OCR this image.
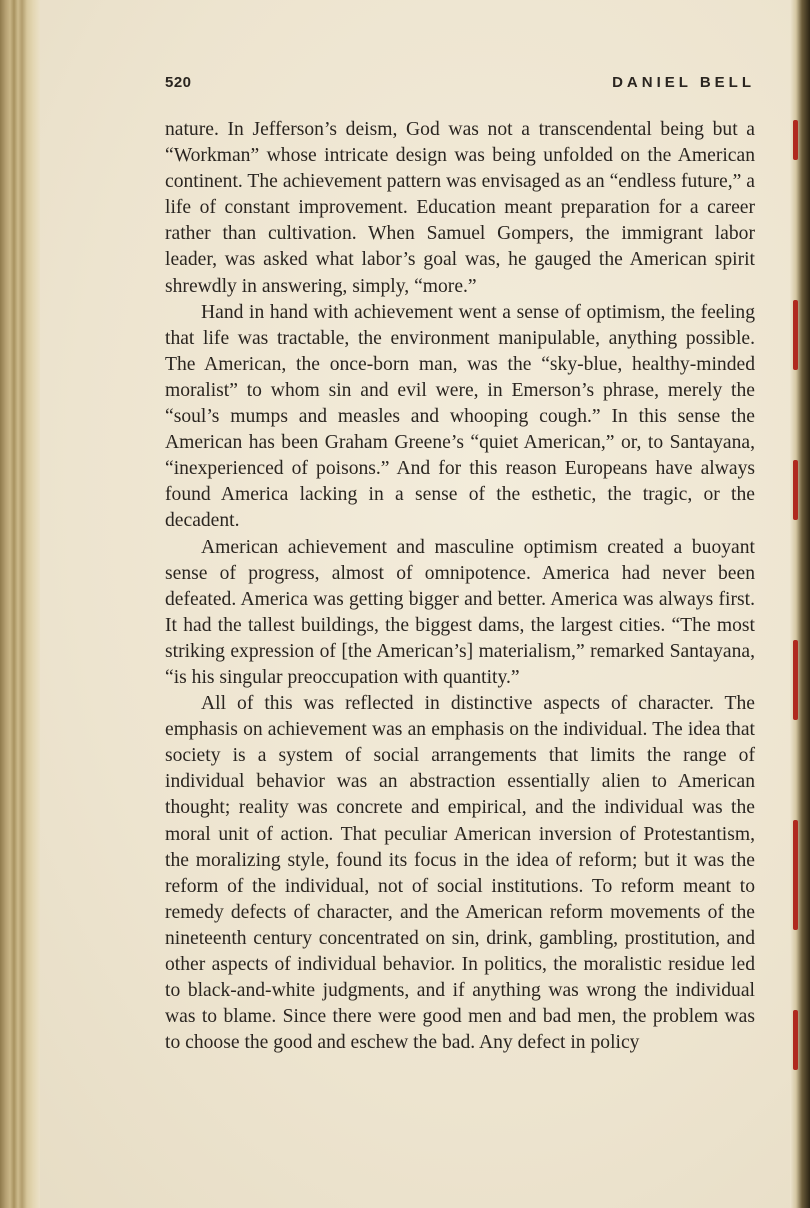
520	DANIEL BELL

nature. In Jefferson’s deism, God was not a transcendental being but a “Workman” whose intricate design was being unfolded on the American continent. The achievement pattern was envisaged as an “endless future,” a life of constant improvement. Education meant preparation for a career rather than cultivation. When Samuel Gompers, the immigrant labor leader, was asked what labor’s goal was, he gauged the American spirit shrewdly in answering, simply, “more.”

Hand in hand with achievement went a sense of optimism, the feeling that life was tractable, the environment manipulable, anything possible. The American, the once-born man, was the “sky-blue, healthy-minded moralist” to whom sin and evil were, in Emerson’s phrase, merely the “soul’s mumps and measles and whooping cough.” In this sense the American has been Graham Greene’s “quiet American,” or, to Santayana, “inexperienced of poisons.” And for this reason Europeans have always found America lacking in a sense of the esthetic, the tragic, or the decadent.

American achievement and masculine optimism created a buoyant sense of progress, almost of omnipotence. America had never been defeated. America was getting bigger and better. America was always first. It had the tallest buildings, the biggest dams, the largest cities. “The most striking expression of [the American’s] materialism,” remarked Santayana, “is his singular preoccupation with quantity.”

All of this was reflected in distinctive aspects of character. The emphasis on achievement was an emphasis on the individual. The idea that society is a system of social arrangements that limits the range of individual behavior was an abstraction essentially alien to American thought; reality was concrete and empirical, and the individual was the moral unit of action. That peculiar American inversion of Protestantism, the moralizing style, found its focus in the idea of reform; but it was the reform of the individual, not of social institutions. To reform meant to remedy defects of character, and the American reform movements of the nineteenth century concentrated on sin, drink, gambling, prostitution, and other aspects of individual behavior. In politics, the moralistic residue led to black-and-white judgments, and if anything was wrong the individual was to blame. Since there were good men and bad men, the problem was to choose the good and eschew the bad. Any defect in policy
